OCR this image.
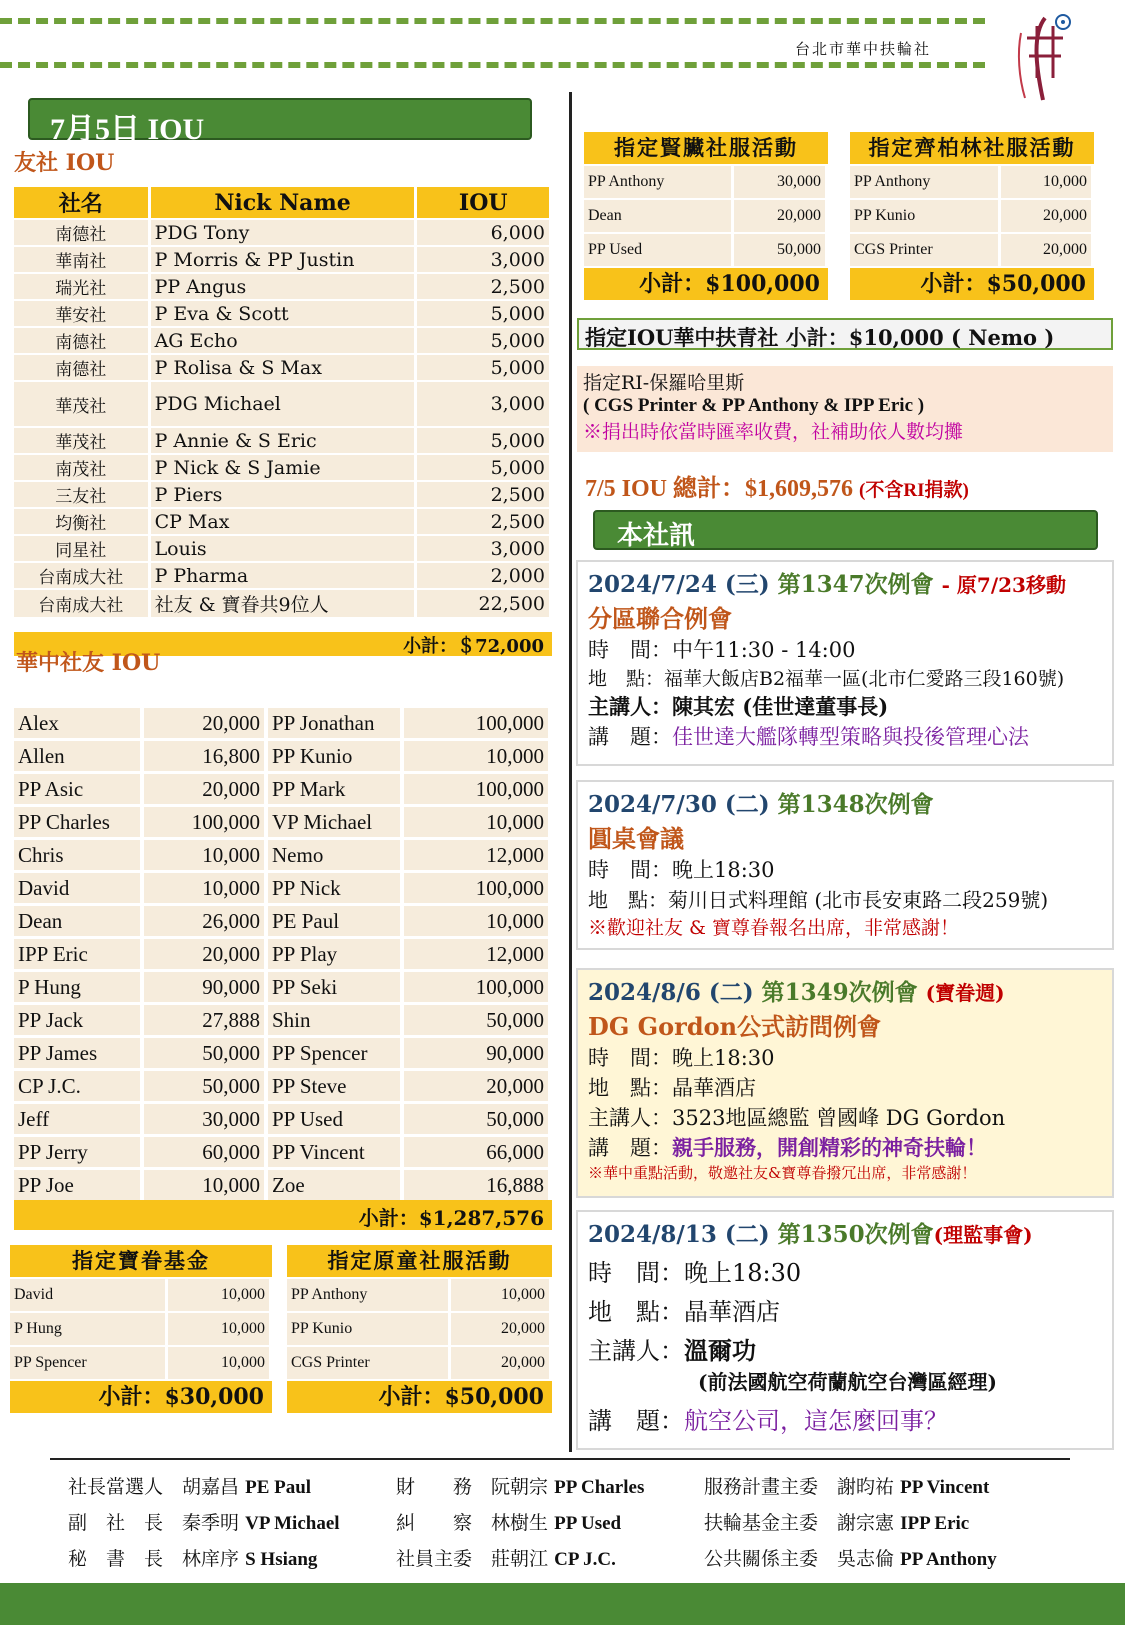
台北市華中扶輪社
7月5日 IOU
友社 IOU
社名	Nick Name	IOU
南德社	PDG Tony	6,000
華南社	P Morris & PP Justin	3,000
瑞光社	PP Angus	2,500
華安社	P Eva & Scott	5,000
南德社	AG Echo	5,000
南德社	P Rolisa & S Max	5,000
華茂社	PDG Michael	3,000
華茂社	P Annie & S Eric	5,000
南茂社	P Nick & S Jamie	5,000
三友社	P Piers	2,500
均衡社	CP Max	2,500
同星社	Louis	3,000
台南成大社	P Pharma	2,000
台南成大社	社友 & 寶眷共9位人	22,500
小計：＄72,000
華中社友 IOU
Alex	20,000	PP Jonathan	100,000
Allen	16,800	PP Kunio	10,000
PP Asic	20,000	PP Mark	100,000
PP Charles	100,000	VP Michael	10,000
Chris	10,000	Nemo	12,000
David	10,000	PP Nick	100,000
Dean	26,000	PE Paul	10,000
IPP Eric	20,000	PP Play	12,000
P Hung	90,000	PP Seki	100,000
PP Jack	27,888	Shin	50,000
PP James	50,000	PP Spencer	90,000
CP J.C.	50,000	PP Steve	20,000
Jeff	30,000	PP Used	50,000
PP Jerry	60,000	PP Vincent	66,000
PP Joe	10,000	Zoe	16,888
小計：$1,287,576
指定寶眷基金
David	10,000
P Hung	10,000
PP Spencer	10,000
小計：$30,000
指定原童社服活動
PP Anthony	10,000
PP Kunio	20,000
CGS Printer	20,000
小計：$50,000
指定賢臟社服活動
PP Anthony	30,000
Dean	20,000
PP Used	50,000
小計：$100,000
指定齊柏林社服活動
PP Anthony	10,000
PP Kunio	20,000
CGS Printer	20,000
小計：$50,000
指定IOU華中扶青社 小計：$10,000 ( Nemo )
指定RI-保羅哈里斯
( CGS Printer & PP Anthony & IPP Eric )
※捐出時依當時匯率收費，社補助依人數均攤
7/5 IOU 總計：$1,609,576 (不含RI捐款)
本社訊
2024/7/24 (三) 第1347次例會 - 原7/23移動
分區聯合例會
時　間：中午11:30 - 14:00
地　點：福華大飯店B2福華一區(北市仁愛路三段160號)
主講人：陳其宏 (佳世達董事長)
講　題：佳世達大艦隊轉型策略與投後管理心法
2024/7/30 (二) 第1348次例會
圓桌會議
時　間：晚上18:30
地　點：菊川日式料理館 (北市長安東路二段259號)
※歡迎社友 & 寶尊眷報名出席，非常感謝！
2024/8/6 (二) 第1349次例會 (寶眷週)
DG Gordon公式訪問例會
時　間：晚上18:30
地　點：晶華酒店
主講人：3523地區總監 曾國峰 DG Gordon
講　題：親手服務，開創精彩的神奇扶輪！
※華中重點活動，敬邀社友&寶尊眷撥冗出席，非常感謝！
2024/8/13 (二) 第1350次例會(理監事會)
時　間：晚上18:30
地　點：晶華酒店
主講人：溫爾功
(前法國航空荷蘭航空台灣區經理)
講　題：航空公司，這怎麼回事？
社長當選人　 胡嘉昌 PE Paul	財　　務　 阮朝宗 PP Charles	服務計畫主委　 謝昀祐 PP Vincent
副　社　長　 秦季明 VP Michael	糾　　察　 林樹生 PP Used	扶輪基金主委　 謝宗憲 IPP Eric
秘　書　長　 林庠序 S Hsiang	社員主委　 莊朝江 CP J.C.	公共關係主委　 吳志倫 PP Anthony
